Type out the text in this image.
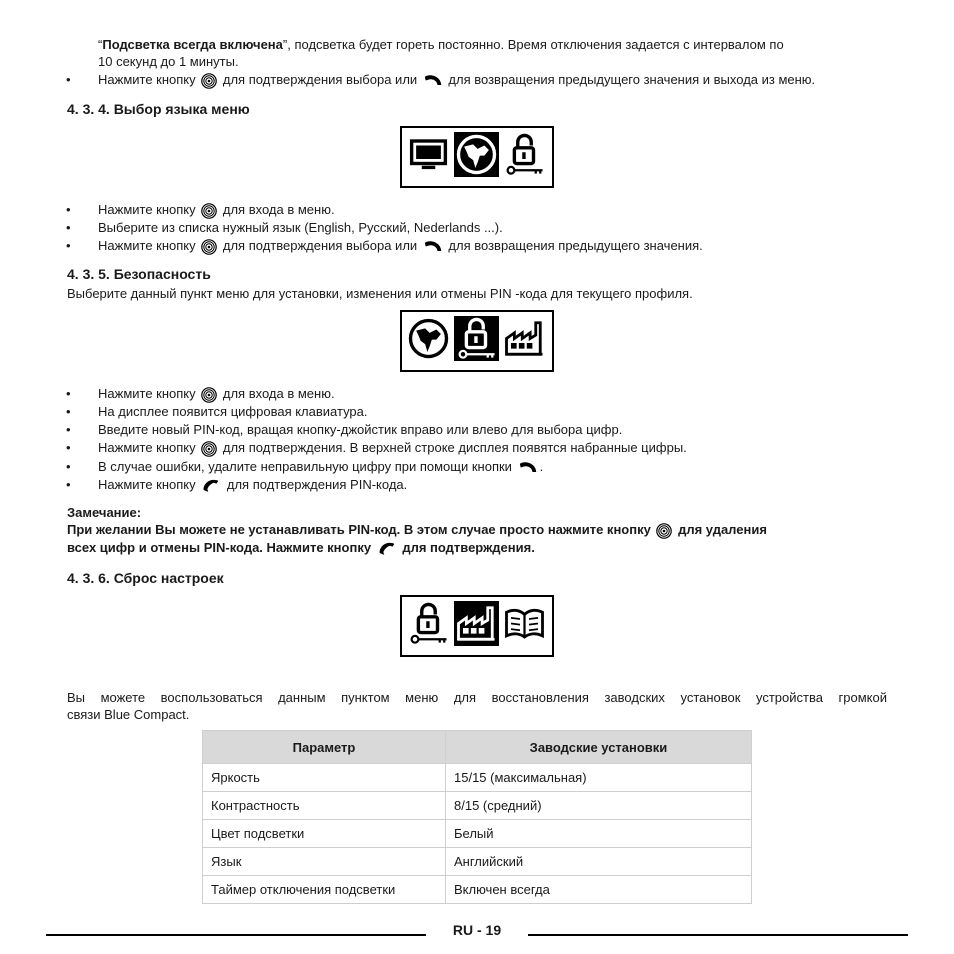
“Подсветка всегда включена”, подсветка будет гореть постоянно. Время отключения задается с интервалом по
10 секунд до 1 минуты.
• Нажмите кнопку для подтверждения выбора или для возвращения предыдущего значения и выхода из меню.
4. 3. 4. Выбор языка меню
• Нажмите кнопку для входа в меню.
• Выберите из списка нужный язык (English, Русский, Nederlands ...).
• Нажмите кнопку для подтверждения выбора или для возвращения предыдущего значения.
4. 3. 5. Безопасность
Выберите данный пункт меню для установки, изменения или отмены PIN -кода для текущего профиля.
• Нажмите кнопку для входа в меню.
• На дисплее появится цифровая клавиатура.
• Введите новый PIN-код, вращая кнопку-джойстик вправо или влево для выбора цифр.
• Нажмите кнопку для подтверждения. В верхней строке дисплея появятся набранные цифры.
• В случае ошибки, удалите неправильную цифру при помощи кнопки .
• Нажмите кнопку для подтверждения PIN-кода.
Замечание:
При желании Вы можете не устанавливать PIN-код. В этом случае просто нажмите кнопку для удаления
всех цифр и отмены PIN-кода. Нажмите кнопку для подтверждения.
4. 3. 6. Сброс настроек
Вы можете воспользоваться данным пунктом меню для восстановления заводских установок устройства громкой
связи Blue Compact.
Параметр	Заводские установки
Яркость	15/15 (максимальная)
Контрастность	8/15 (средний)
Цвет подсветки	Белый
Язык	Английский
Таймер отключения подсветки	Включен всегда
RU - 19
